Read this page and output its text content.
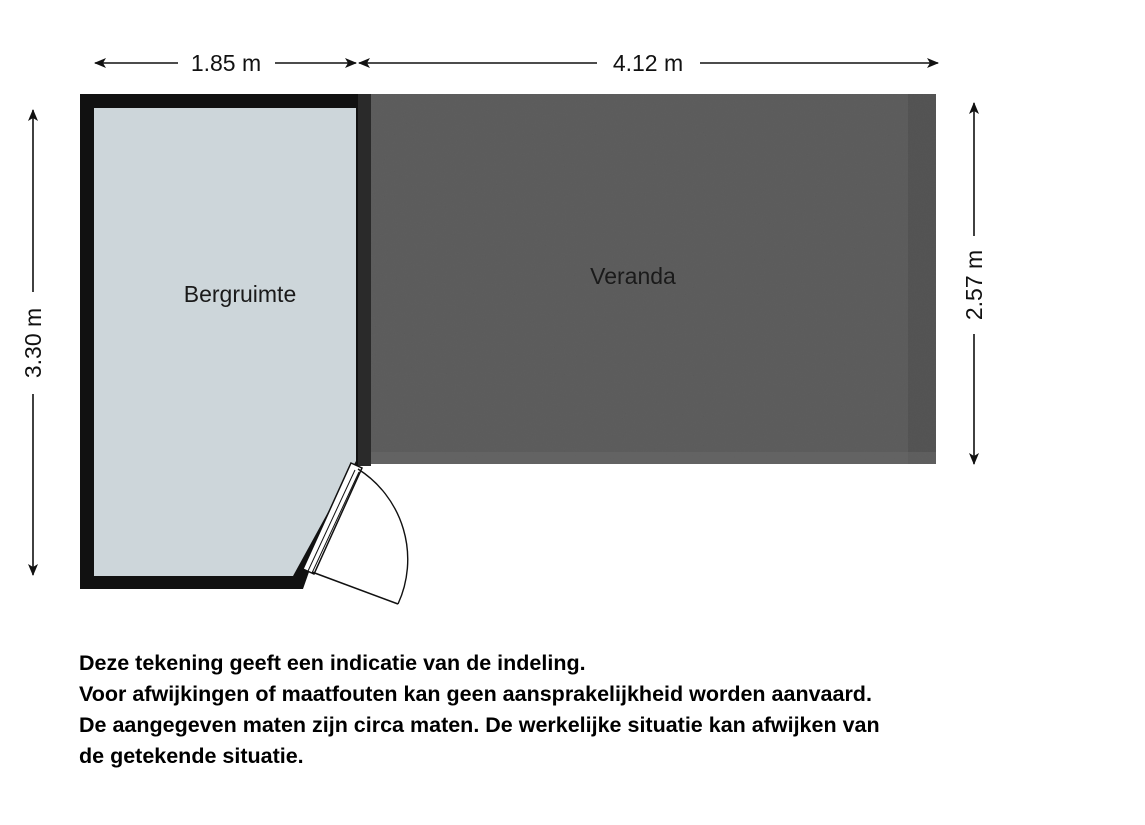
Veranda
Bergruimte
1.85 m	4.12 m
3.30 m
2.57 m
Deze tekening geeft een indicatie van de indeling.
Voor afwijkingen of maatfouten kan geen aansprakelijkheid worden aanvaard.
De aangegeven maten zijn circa maten. De werkelijke situatie kan afwijken van
de getekende situatie.
